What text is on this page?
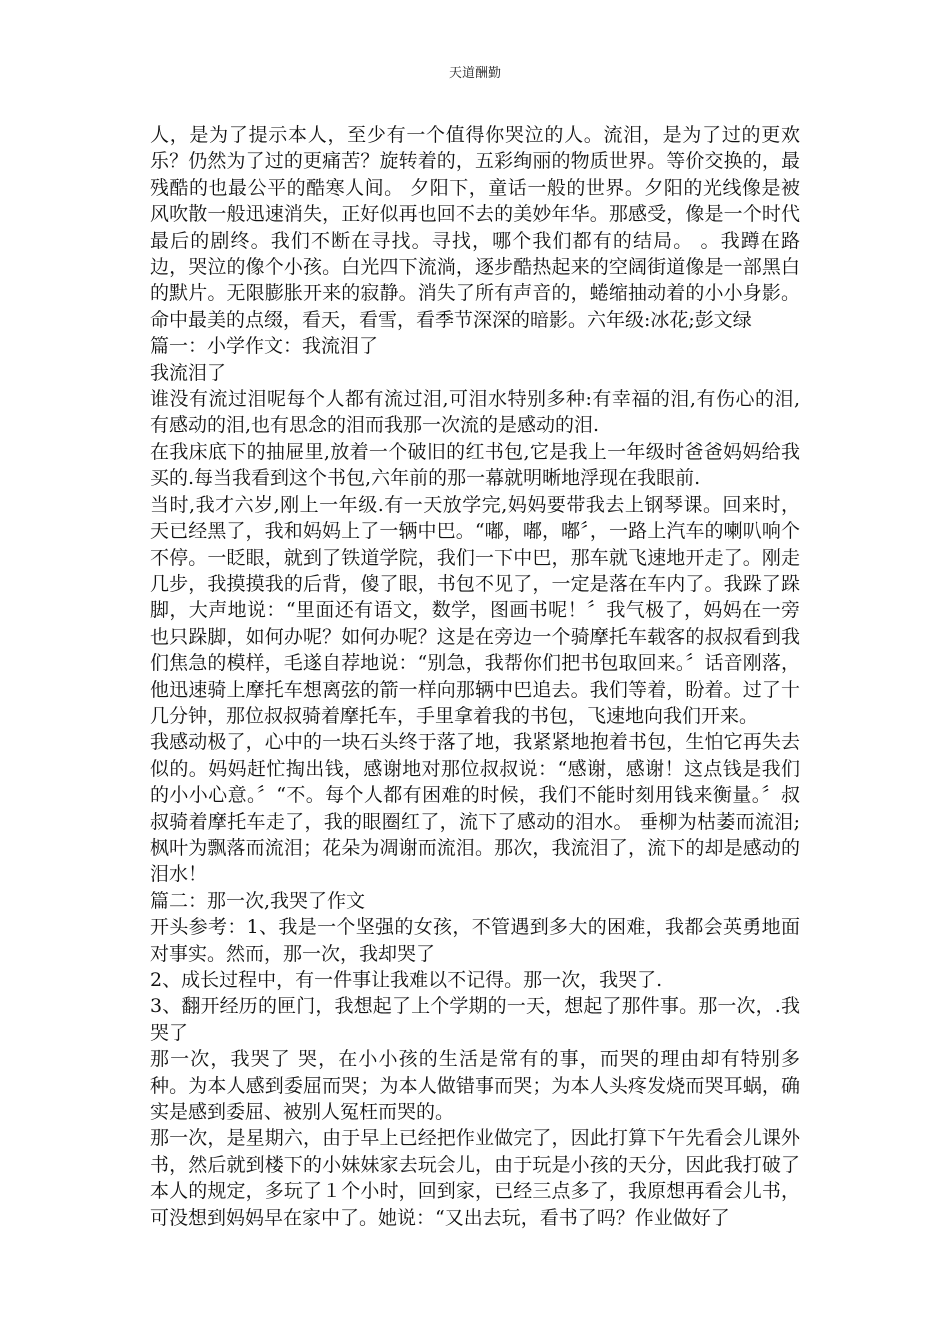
天道酬勤

人，是为了提示本人，至少有一个值得你哭泣的人。流泪，是为了过的更欢乐？仍然为了过的更痛苦？旋转着的，五彩绚丽的物质世界。等价交换的，最残酷的也最公平的酷寒人间。 夕阳下，童话一般的世界。夕阳的光线像是被风吹散一般迅速消失，正好似再也回不去的美妙年华。那感受，像是一个时代最后的剧终。我们不断在寻找。寻找，哪个我们都有的结局。 。我蹲在路边，哭泣的像个小孩。白光四下流淌，逐步酷热起来的空阔街道像是一部黑白的默片。无限膨胀开来的寂静。消失了所有声音的，蜷缩抽动着的小小身影。 命中最美的点缀，看天，看雪，看季节深深的暗影。六年级:冰花;彭文绿

篇一：小学作文：我流泪了

我流泪了

谁没有流过泪呢每个人都有流过泪,可泪水特别多种:有幸福的泪,有伤心的泪,有感动的泪,也有思念的泪而我那一次流的是感动的泪.

在我床底下的抽屉里,放着一个破旧的红书包,它是我上一年级时爸爸妈妈给我买的.每当我看到这个书包,六年前的那一幕就明晰地浮现在我眼前.

当时,我才六岁,刚上一年级.有一天放学完,妈妈要带我去上钢琴课。回来时，天已经黑了，我和妈妈上了一辆中巴。“嘟，嘟，嘟〞，一路上汽车的喇叭响个不停。一眨眼，就到了铁道学院，我们一下中巴，那车就飞速地开走了。刚走几步，我摸摸我的后背，傻了眼，书包不见了，一定是落在车内了。我跺了跺脚，大声地说：“里面还有语文，数学，图画书呢！〞我气极了，妈妈在一旁也只跺脚，如何办呢？如何办呢？这是在旁边一个骑摩托车载客的叔叔看到我们焦急的模样，毛遂自荐地说：“别急，我帮你们把书包取回来。〞话音刚落，他迅速骑上摩托车想离弦的箭一样向那辆中巴追去。我们等着，盼着。过了十几分钟，那位叔叔骑着摩托车，手里拿着我的书包，飞速地向我们开来。

我感动极了，心中的一块石头终于落了地，我紧紧地抱着书包，生怕它再失去似的。妈妈赶忙掏出钱，感谢地对那位叔叔说：“感谢，感谢！这点钱是我们的小小心意。〞“不。每个人都有困难的时候，我们不能时刻用钱来衡量。〞叔叔骑着摩托车走了，我的眼圈红了，流下了感动的泪水。 垂柳为枯萎而流泪;枫叶为飘落而流泪；花朵为凋谢而流泪。那次，我流泪了，流下的却是感动的泪水！

篇二：那一次,我哭了作文

开头参考：1、我是一个坚强的女孩，不管遇到多大的困难，我都会英勇地面对事实。然而，那一次，我却哭了

2、成长过程中，有一件事让我难以不记得。那一次，我哭了.

3、翻开经历的匣门，我想起了上个学期的一天，想起了那件事。那一次，.我哭了

那一次，我哭了 哭，在小小孩的生活是常有的事，而哭的理由却有特别多种。为本人感到委屈而哭；为本人做错事而哭；为本人头疼发烧而哭耳蜗，确实是感到委屈、被别人冤枉而哭的。

那一次，是星期六，由于早上已经把作业做完了，因此打算下午先看会儿课外书，然后就到楼下的小妹妹家去玩会儿，由于玩是小孩的天分，因此我打破了本人的规定，多玩了１个小时，回到家，已经三点多了，我原想再看会儿书，可没想到妈妈早在家中了。她说：“又出去玩，看书了吗？作业做好了
